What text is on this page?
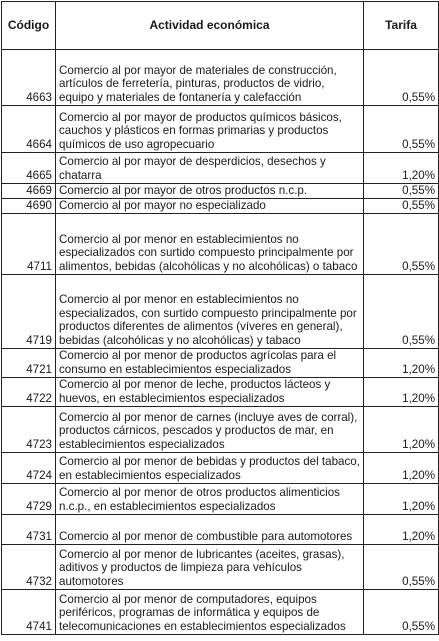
Código	Actividad económica	Tarifa
4663	Comercio al por mayor de materiales de construcción, artículos de ferretería, pinturas, productos de vidrio, equipo y materiales de fontanería y calefacción	0,55%
4664	Comercio al por mayor de productos químicos básicos, cauchos y plásticos en formas primarias y productos químicos de uso agropecuario	0,55%
4665	Comercio al por mayor de desperdicios, desechos y chatarra	1,20%
4669	Comercio al por mayor de otros productos n.c.p.	0,55%
4690	Comercio al por mayor no especializado	0,55%
4711	Comercio al por menor en establecimientos no especializados con surtido compuesto principalmente por alimentos, bebidas (alcohólicas y no alcohólicas) o tabaco	0,55%
4719	Comercio al por menor en establecimientos no especializados, con surtido compuesto principalmente por productos diferentes de alimentos (víveres en general), bebidas (alcohólicas y no alcohólicas) y tabaco	0,55%
4721	Comercio al por menor de productos agrícolas para el consumo en establecimientos especializados	1,20%
4722	Comercio al por menor de leche, productos lácteos y huevos, en establecimientos especializados	1,20%
4723	Comercio al por menor de carnes (incluye aves de corral), productos cárnicos, pescados y productos de mar, en establecimientos especializados	1,20%
4724	Comercio al por menor de bebidas y productos del tabaco, en establecimientos especializados	1,20%
4729	Comercio al por menor de otros productos alimenticios n.c.p., en establecimientos especializados	1,20%
4731	Comercio al por menor de combustible para automotores	1,20%
4732	Comercio al por menor de lubricantes (aceites, grasas), aditivos y productos de limpieza para vehículos automotores	0,55%
4741	Comercio al por menor de computadores, equipos periféricos, programas de informática y equipos de telecomunicaciones en establecimientos especializados	0,55%
